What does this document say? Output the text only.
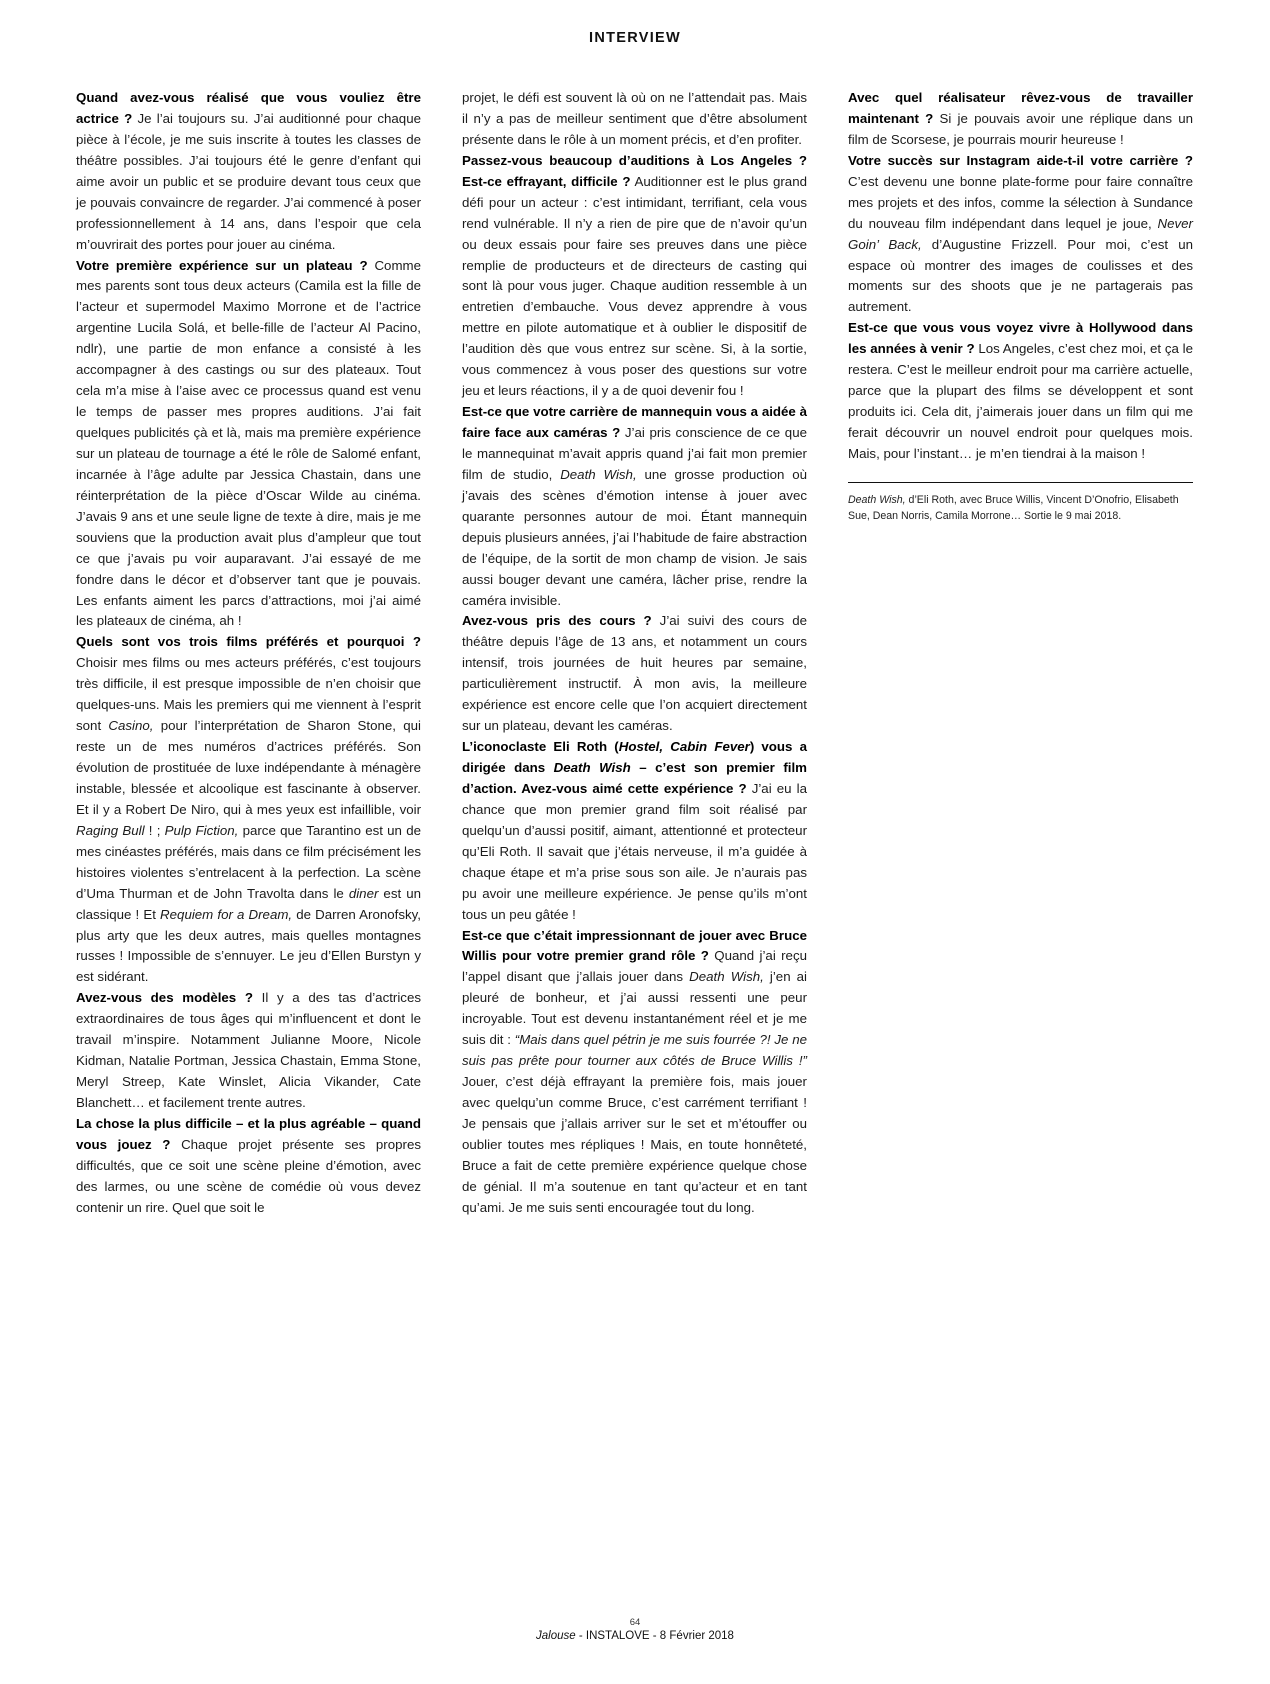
INTERVIEW

Quand avez-vous réalisé que vous vouliez être actrice ? Je l’ai toujours su. J’ai auditionné pour chaque pièce à l’école, je me suis inscrite à toutes les classes de théâtre possibles. J’ai toujours été le genre d’enfant qui aime avoir un public et se produire devant tous ceux que je pouvais convaincre de regarder. J’ai commencé à poser professionnellement à 14 ans, dans l’espoir que cela m’ouvrirait des portes pour jouer au cinéma.

Votre première expérience sur un plateau ? Comme mes parents sont tous deux acteurs (Camila est la fille de l’acteur et supermodel Maximo Morrone et de l’actrice argentine Lucila Solá, et belle-fille de l’acteur Al Pacino, ndlr), une partie de mon enfance a consisté à les accompagner à des castings ou sur des plateaux. Tout cela m’a mise à l’aise avec ce processus quand est venu le temps de passer mes propres auditions. J’ai fait quelques publicités çà et là, mais ma première expérience sur un plateau de tournage a été le rôle de Salomé enfant, incarnée à l’âge adulte par Jessica Chastain, dans une réinterprétation de la pièce d’Oscar Wilde au cinéma. J’avais 9 ans et une seule ligne de texte à dire, mais je me souviens que la production avait plus d’ampleur que tout ce que j’avais pu voir auparavant. J’ai essayé de me fondre dans le décor et d’observer tant que je pouvais. Les enfants aiment les parcs d’attractions, moi j’ai aimé les plateaux de cinéma, ah !

Quels sont vos trois films préférés et pourquoi ? Choisir mes films ou mes acteurs préférés, c’est toujours très difficile, il est presque impossible de n’en choisir que quelques-uns. Mais les premiers qui me viennent à l’esprit sont Casino, pour l’interprétation de Sharon Stone, qui reste un de mes numéros d’actrices préférés. Son évolution de prostituée de luxe indépendante à ménagère instable, blessée et alcoolique est fascinante à observer. Et il y a Robert De Niro, qui à mes yeux est infaillible, voir Raging Bull ! ; Pulp Fiction, parce que Tarantino est un de mes cinéastes préférés, mais dans ce film précisément les histoires violentes s’entrelacent à la perfection. La scène d’Uma Thurman et de John Travolta dans le diner est un classique ! Et Requiem for a Dream, de Darren Aronofsky, plus arty que les deux autres, mais quelles montagnes russes ! Impossible de s’ennuyer. Le jeu d’Ellen Burstyn y est sidérant.

Avez-vous des modèles ? Il y a des tas d’actrices extraordinaires de tous âges qui m’influencent et dont le travail m’inspire. Notamment Julianne Moore, Nicole Kidman, Natalie Portman, Jessica Chastain, Emma Stone, Meryl Streep, Kate Winslet, Alicia Vikander, Cate Blanchett… et facilement trente autres.

La chose la plus difficile – et la plus agréable – quand vous jouez ? Chaque projet présente ses propres difficultés, que ce soit une scène pleine d’émotion, avec des larmes, ou une scène de comédie où vous devez contenir un rire. Quel que soit le

projet, le défi est souvent là où on ne l’attendait pas. Mais il n’y a pas de meilleur sentiment que d’être absolument présente dans le rôle à un moment précis, et d’en profiter.

Passez-vous beaucoup d’auditions à Los Angeles ? Est-ce effrayant, difficile ? Auditionner est le plus grand défi pour un acteur : c’est intimidant, terrifiant, cela vous rend vulnérable. Il n’y a rien de pire que de n’avoir qu’un ou deux essais pour faire ses preuves dans une pièce remplie de producteurs et de directeurs de casting qui sont là pour vous juger. Chaque audition ressemble à un entretien d’embauche. Vous devez apprendre à vous mettre en pilote automatique et à oublier le dispositif de l’audition dès que vous entrez sur scène. Si, à la sortie, vous commencez à vous poser des questions sur votre jeu et leurs réactions, il y a de quoi devenir fou !

Est-ce que votre carrière de mannequin vous a aidée à faire face aux caméras ? J’ai pris conscience de ce que le mannequinat m’avait appris quand j’ai fait mon premier film de studio, Death Wish, une grosse production où j’avais des scènes d’émotion intense à jouer avec quarante personnes autour de moi. Étant mannequin depuis plusieurs années, j’ai l’habitude de faire abstraction de l’équipe, de la sortit de mon champ de vision. Je sais aussi bouger devant une caméra, lâcher prise, rendre la caméra invisible.

Avez-vous pris des cours ? J’ai suivi des cours de théâtre depuis l’âge de 13 ans, et notamment un cours intensif, trois journées de huit heures par semaine, particulièrement instructif. À mon avis, la meilleure expérience est encore celle que l’on acquiert directement sur un plateau, devant les caméras.

L’iconoclaste Eli Roth (Hostel, Cabin Fever) vous a dirigée dans Death Wish – c’est son premier film d’action. Avez-vous aimé cette expérience ? J’ai eu la chance que mon premier grand film soit réalisé par quelqu’un d’aussi positif, aimant, attentionné et protecteur qu’Eli Roth. Il savait que j’étais nerveuse, il m’a guidée à chaque étape et m’a prise sous son aile. Je n’aurais pas pu avoir une meilleure expérience. Je pense qu’ils m’ont tous un peu gâtée !

Est-ce que c’était impressionnant de jouer avec Bruce Willis pour votre premier grand rôle ? Quand j’ai reçu l’appel disant que j’allais jouer dans Death Wish, j’en ai pleuré de bonheur, et j’ai aussi ressenti une peur incroyable. Tout est devenu instantanément réel et je me suis dit : “Mais dans quel pétrin je me suis fourrée ?! Je ne suis pas prête pour tourner aux côtés de Bruce Willis !” Jouer, c’est déjà effrayant la première fois, mais jouer avec quelqu’un comme Bruce, c’est carrément terrifiant ! Je pensais que j’allais arriver sur le set et m’étouffer ou oublier toutes mes répliques ! Mais, en toute honnêteté, Bruce a fait de cette première expérience quelque chose de génial. Il m’a soutenue en tant qu’acteur et en tant qu’ami. Je me suis senti encouragée tout du long.

Avec quel réalisateur rêvez-vous de travailler maintenant ? Si je pouvais avoir une réplique dans un film de Scorsese, je pourrais mourir heureuse !

Votre succès sur Instagram aide-t-il votre carrière ? C’est devenu une bonne plate-forme pour faire connaître mes projets et des infos, comme la sélection à Sundance du nouveau film indépendant dans lequel je joue, Never Goin’ Back, d’Augustine Frizzell. Pour moi, c’est un espace où montrer des images de coulisses et des moments sur des shoots que je ne partagerais pas autrement.

Est-ce que vous vous voyez vivre à Hollywood dans les années à venir ? Los Angeles, c’est chez moi, et ça le restera. C’est le meilleur endroit pour ma carrière actuelle, parce que la plupart des films se développent et sont produits ici. Cela dit, j’aimerais jouer dans un film qui me ferait découvrir un nouvel endroit pour quelques mois. Mais, pour l’instant… je m’en tiendrai à la maison !

Death Wish, d’Eli Roth, avec Bruce Willis, Vincent D’Onofrio, Elisabeth Sue, Dean Norris, Camila Morrone… Sortie le 9 mai 2018.
64
Jalouse - INSTALOVE - 8 Février 2018
